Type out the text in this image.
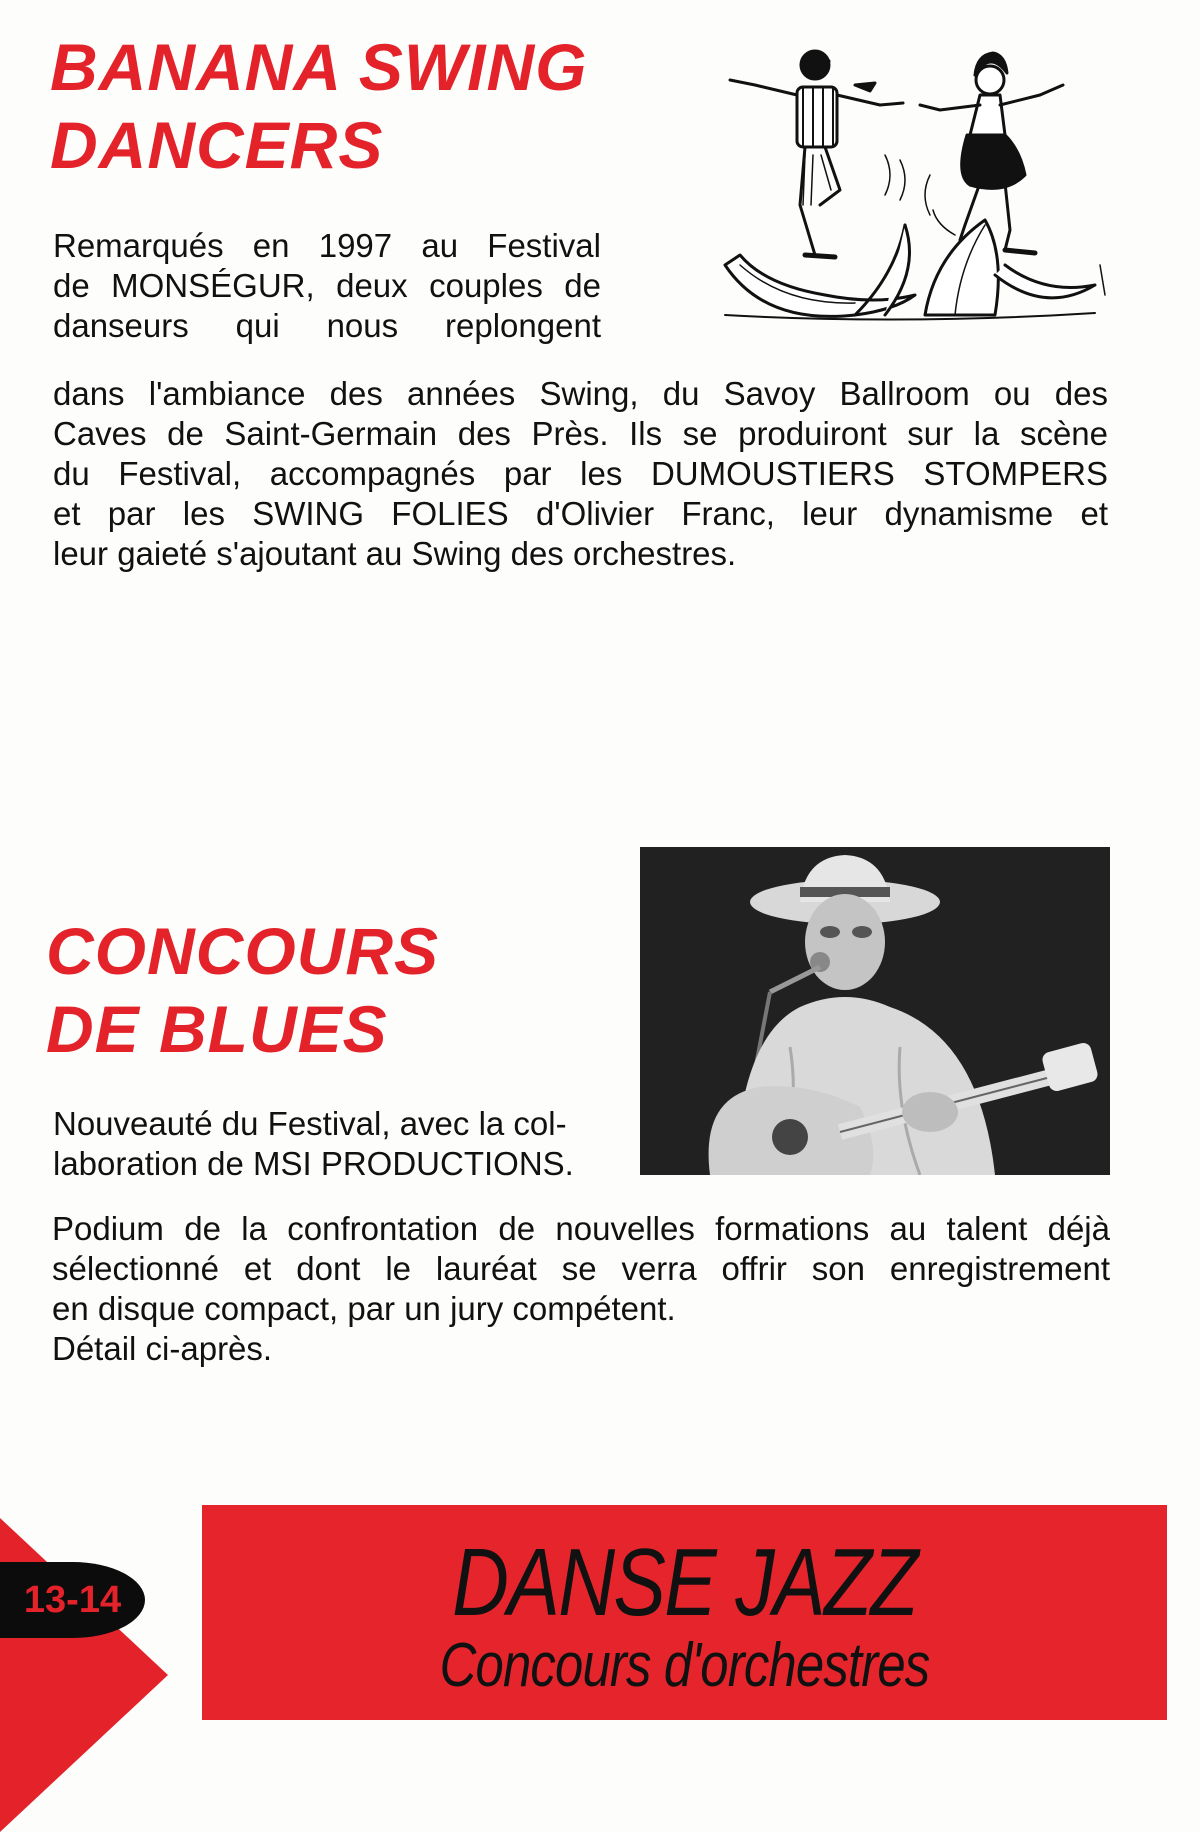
BANANA SWING
DANCERS

Remarqués en 1997 au Festival
de MONSÉGUR, deux couples de
danseurs qui nous replongent

dans l'ambiance des années Swing, du Savoy Ballroom ou des
Caves de Saint-Germain des Près. Ils se produiront sur la scène
du Festival, accompagnés par les DUMOUSTIERS STOMPERS
et par les SWING FOLIES d'Olivier Franc, leur dynamisme et
leur gaieté s'ajoutant au Swing des orchestres.

CONCOURS
DE BLUES

Nouveauté du Festival, avec la col-
laboration de MSI PRODUCTIONS.

Podium de la confrontation de nouvelles formations au talent déjà
sélectionné et dont le lauréat se verra offrir son enregistrement
en disque compact, par un jury compétent.
Détail ci-après.

13-14	DANSE JAZZ
Concours d'orchestres
